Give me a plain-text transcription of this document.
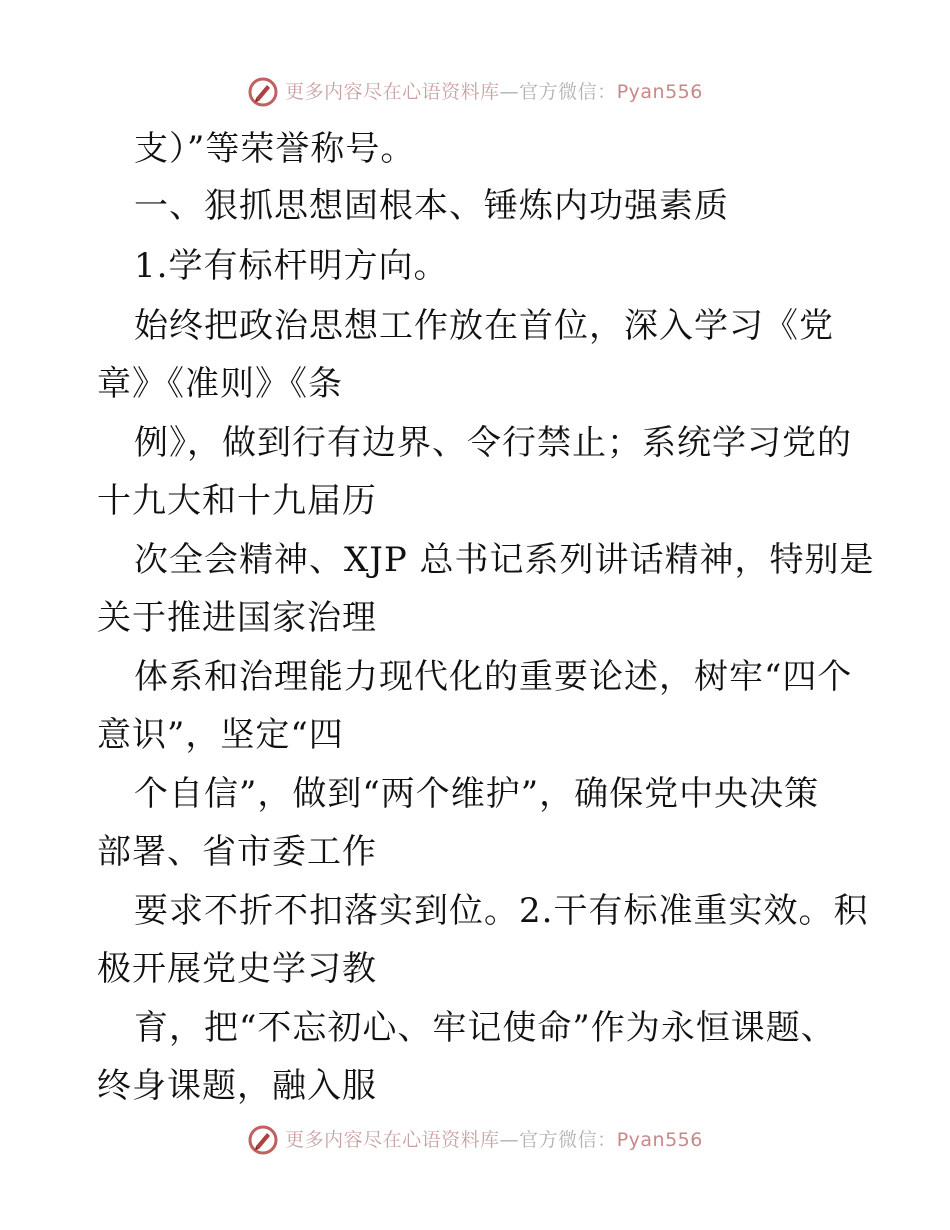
更多内容尽在心语资料库—官方微信：Pyan556
支）”等荣誉称号。
一、狠抓思想固根本、锤炼内功强素质
1.学有标杆明方向。
始终把政治思想工作放在首位，深入学习《党
章》《准则》《条
例》，做到行有边界、令行禁止；系统学习党的
十九大和十九届历
次全会精神、XJP 总书记系列讲话精神，特别是
关于推进国家治理
体系和治理能力现代化的重要论述，树牢“四个
意识”，坚定“四
个自信”，做到“两个维护”，确保党中央决策
部署、省市委工作
要求不折不扣落实到位。2.干有标准重实效。积
极开展党史学习教
育，把“不忘初心、牢记使命”作为永恒课题、
终身课题，融入服
更多内容尽在心语资料库—官方微信：Pyan556
